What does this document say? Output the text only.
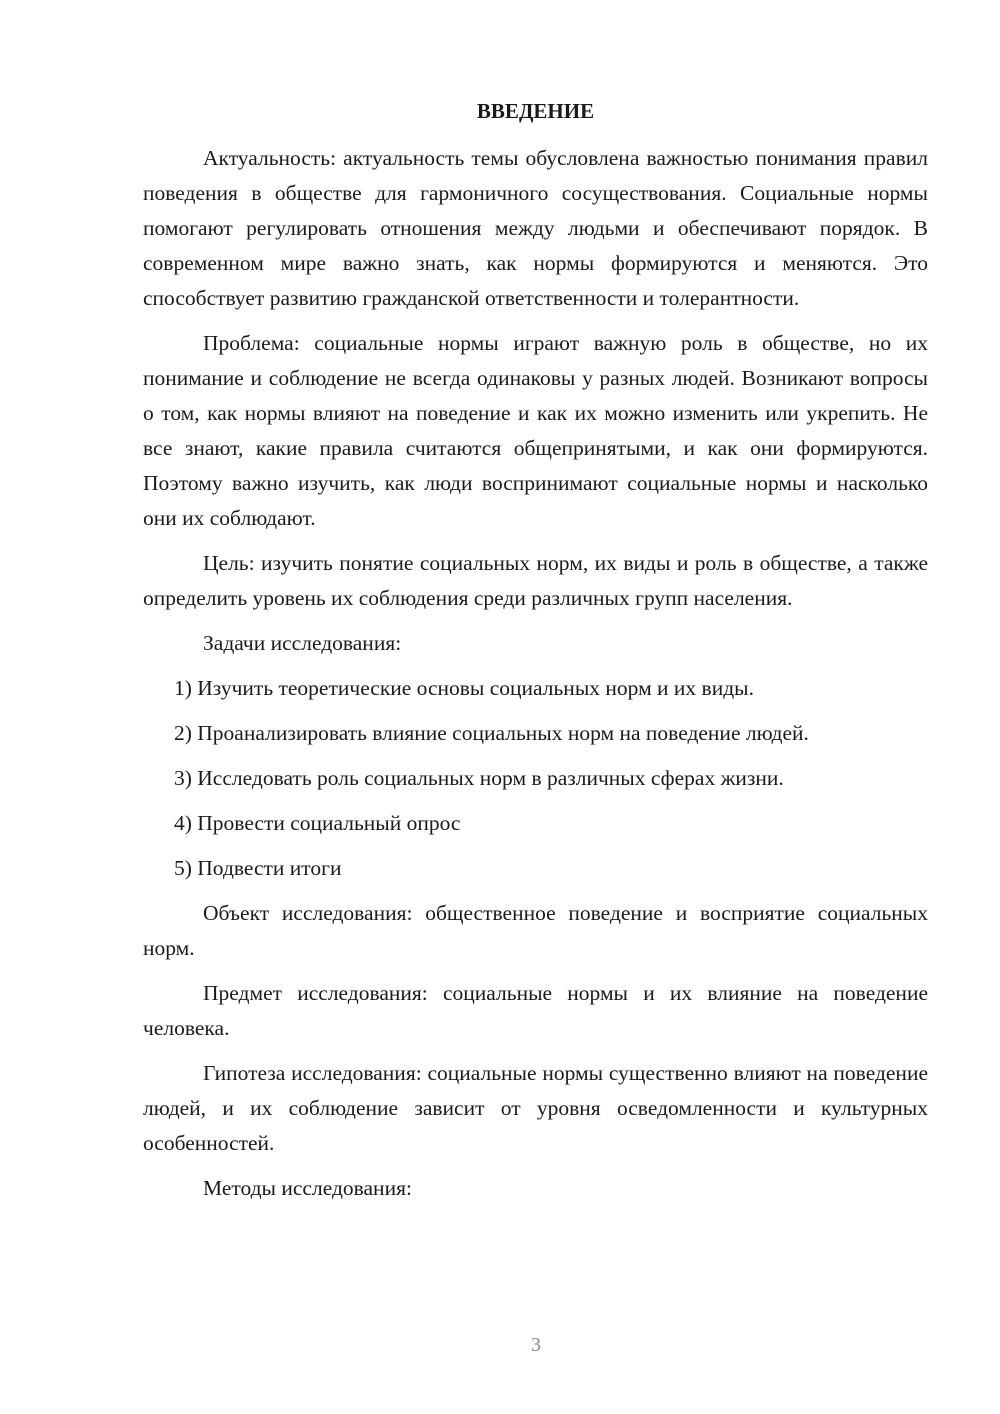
ВВЕДЕНИЕ

Актуальность: актуальность темы обусловлена важностью понимания правил поведения в обществе для гармоничного сосуществования. Социальные нормы помогают регулировать отношения между людьми и обеспечивают порядок. В современном мире важно знать, как нормы формируются и меняются. Это способствует развитию гражданской ответственности и толерантности.

Проблема: социальные нормы играют важную роль в обществе, но их понимание и соблюдение не всегда одинаковы у разных людей. Возникают вопросы о том, как нормы влияют на поведение и как их можно изменить или укрепить. Не все знают, какие правила считаются общепринятыми, и как они формируются. Поэтому важно изучить, как люди воспринимают социальные нормы и насколько они их соблюдают.

Цель: изучить понятие социальных норм, их виды и роль в обществе, а также определить уровень их соблюдения среди различных групп населения.

Задачи исследования:

1) Изучить теоретические основы социальных норм и их виды.

2) Проанализировать влияние социальных норм на поведение людей.

3) Исследовать роль социальных норм в различных сферах жизни.

4) Провести социальный опрос

5) Подвести итоги

Объект исследования: общественное поведение и восприятие социальных норм.

Предмет исследования: социальные нормы и их влияние на поведение человека.

Гипотеза исследования: социальные нормы существенно влияют на поведение людей, и их соблюдение зависит от уровня осведомленности и культурных особенностей.

Методы исследования:

3
